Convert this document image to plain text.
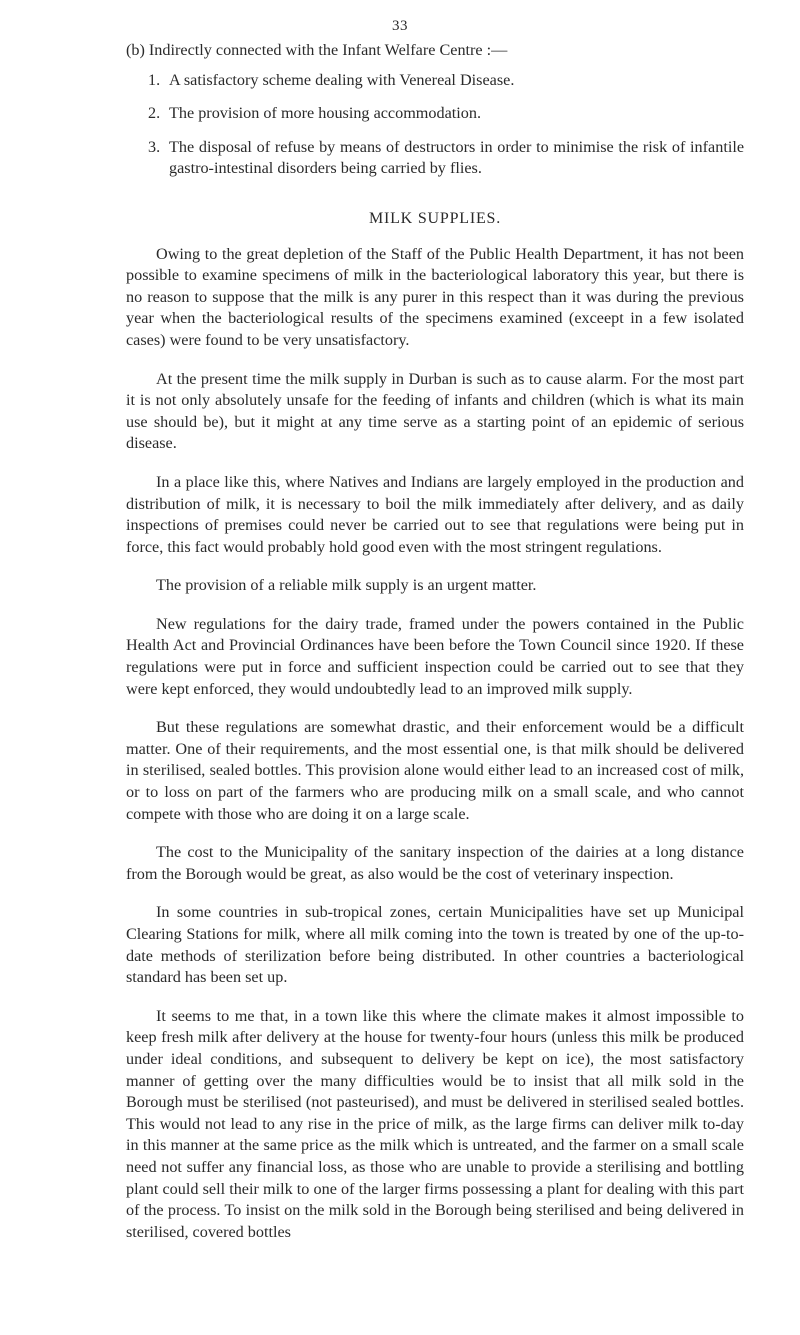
33
(b) Indirectly connected with the Infant Welfare Centre :—
1. A satisfactory scheme dealing with Venereal Disease.
2. The provision of more housing accommodation.
3. The disposal of refuse by means of destructors in order to minimise the risk of infantile gastro-intestinal disorders being carried by flies.
MILK SUPPLIES.

Owing to the great depletion of the Staff of the Public Health Department, it has not been possible to examine specimens of milk in the bacteriological laboratory this year, but there is no reason to suppose that the milk is any purer in this respect than it was during the previous year when the bacteriological results of the specimens examined (exceept in a few isolated cases) were found to be very unsatisfactory.

At the present time the milk supply in Durban is such as to cause alarm. For the most part it is not only absolutely unsafe for the feeding of infants and children (which is what its main use should be), but it might at any time serve as a starting point of an epidemic of serious disease.

In a place like this, where Natives and Indians are largely employed in the production and distribution of milk, it is necessary to boil the milk immediately after delivery, and as daily inspections of premises could never be carried out to see that regulations were being put in force, this fact would probably hold good even with the most stringent regulations.

The provision of a reliable milk supply is an urgent matter.

New regulations for the dairy trade, framed under the powers contained in the Public Health Act and Provincial Ordinances have been before the Town Council since 1920. If these regulations were put in force and sufficient inspection could be carried out to see that they were kept enforced, they would undoubtedly lead to an improved milk supply.

But these regulations are somewhat drastic, and their enforcement would be a difficult matter. One of their requirements, and the most essential one, is that milk should be delivered in sterilised, sealed bottles. This provision alone would either lead to an increased cost of milk, or to loss on part of the farmers who are producing milk on a small scale, and who cannot compete with those who are doing it on a large scale.

The cost to the Municipality of the sanitary inspection of the dairies at a long distance from the Borough would be great, as also would be the cost of veterinary inspection.

In some countries in sub-tropical zones, certain Municipalities have set up Municipal Clearing Stations for milk, where all milk coming into the town is treated by one of the up-to-date methods of sterilization before being distributed. In other countries a bacteriological standard has been set up.

It seems to me that, in a town like this where the climate makes it almost impossible to keep fresh milk after delivery at the house for twenty-four hours (unless this milk be produced under ideal conditions, and subsequent to delivery be kept on ice), the most satisfactory manner of getting over the many difficulties would be to insist that all milk sold in the Borough must be sterilised (not pasteurised), and must be delivered in sterilised sealed bottles. This would not lead to any rise in the price of milk, as the large firms can deliver milk to-day in this manner at the same price as the milk which is untreated, and the farmer on a small scale need not suffer any financial loss, as those who are unable to provide a sterilising and bottling plant could sell their milk to one of the larger firms possessing a plant for dealing with this part of the process. To insist on the milk sold in the Borough being sterilised and being delivered in sterilised, covered bottles
